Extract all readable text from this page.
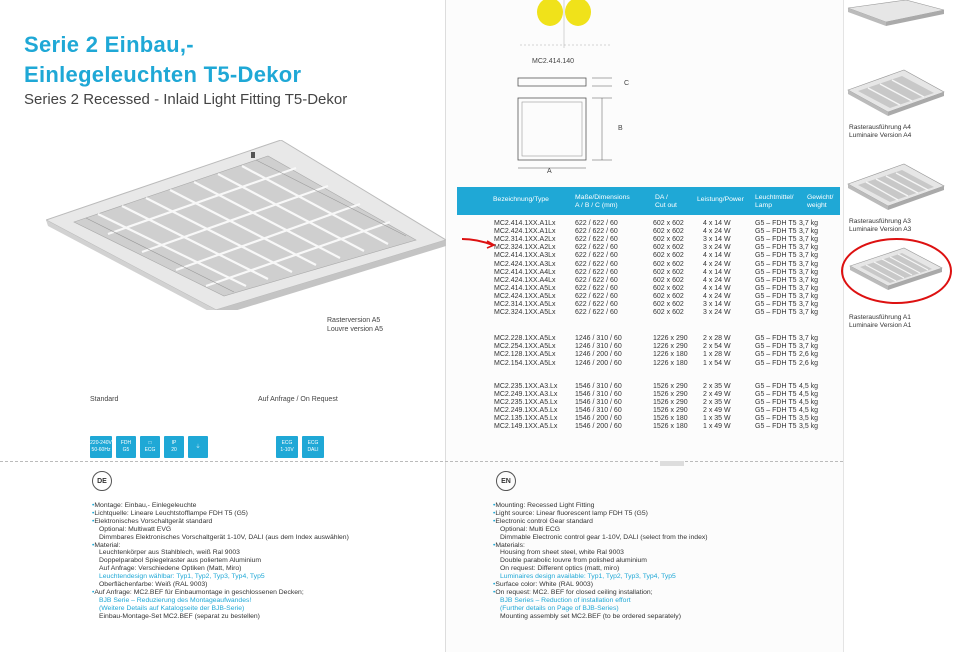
Serie 2 Einbau,-
Einlegeleuchten T5-Dekor
Series 2 Recessed - Inlaid Light Fitting T5-Dekor
Rasterversion A5
Louvre version A5
Standard	Auf Anfrage / On Request
220-240V
50-60Hz
FDH
G5
□
ECG
IP
20
⏚
ECG
1-10V
ECG
DALI
MC2.414.140
C
B
A
Bezeichnung/Type	Maße/Dimensions
A / B / C (mm)
DA /
Cut out
Leistung/Power Leuchtmittel/
Lamp
Gewicht/
weight
MC2.414.1XX.A1Lx	622 / 622 / 60	602 x 602	4 x 14 W	G5 – FDH T5 3,7 kg
MC2.424.1XX.A1Lx	622 / 622 / 60	602 x 602	4 x 24 W	G5 – FDH T5 3,7 kg
MC2.314.1XX.A2Lx	622 / 622 / 60	602 x 602	3 x 14 W	G5 – FDH T5 3,7 kg
MC2.324.1XX.A2Lx	622 / 622 / 60	602 x 602	3 x 24 W	G5 – FDH T5 3,7 kg
MC2.414.1XX.A3Lx	622 / 622 / 60	602 x 602	4 x 14 W	G5 – FDH T5 3,7 kg
MC2.424.1XX.A3Lx	622 / 622 / 60	602 x 602	4 x 24 W	G5 – FDH T5 3,7 kg
MC2.414.1XX.A4Lx	622 / 622 / 60	602 x 602	4 x 14 W	G5 – FDH T5 3,7 kg
MC2.424.1XX.A4Lx	622 / 622 / 60	602 x 602	4 x 24 W	G5 – FDH T5 3,7 kg
MC2.414.1XX.A5Lx	622 / 622 / 60	602 x 602	4 x 14 W	G5 – FDH T5 3,7 kg
MC2.424.1XX.A5Lx	622 / 622 / 60	602 x 602	4 x 24 W	G5 – FDH T5 3,7 kg
MC2.314.1XX.A5Lx	622 / 622 / 60	602 x 602	3 x 14 W	G5 – FDH T5 3,7 kg
MC2.324.1XX.A5Lx	622 / 622 / 60	602 x 602	3 x 24 W	G5 – FDH T5 3,7 kg
MC2.228.1XX.A5Lx	1246 / 310 / 60	1226 x 290 2 x 28 W	G5 – FDH T5 3,7 kg
MC2.254.1XX.A5Lx	1246 / 310 / 60	1226 x 290 2 x 54 W	G5 – FDH T5 3,7 kg
MC2.128.1XX.A5Lx	1246 / 200 / 60	1226 x 180 1 x 28 W	G5 – FDH T5 2,6 kg
MC2.154.1XX.A5Lx	1246 / 200 / 60	1226 x 180 1 x 54 W	G5 – FDH T5 2,6 kg
MC2.235.1XX.A3.Lx	1546 / 310 / 60	1526 x 290 2 x 35 W	G5 – FDH T5 4,5 kg
MC2.249.1XX.A3.Lx	1546 / 310 / 60	1526 x 290 2 x 49 W	G5 – FDH T5 4,5 kg
MC2.235.1XX.A5.Lx	1546 / 310 / 60	1526 x 290 2 x 35 W	G5 – FDH T5 4,5 kg
MC2.249.1XX.A5.Lx	1546 / 310 / 60	1526 x 290 2 x 49 W	G5 – FDH T5 4,5 kg
MC2.135.1XX.A5.Lx	1546 / 200 / 60	1526 x 180 1 x 35 W	G5 – FDH T5 3,5 kg
MC2.149.1XX.A5.Lx	1546 / 200 / 60	1526 x 180 1 x 49 W	G5 – FDH T5 3,5 kg
Rasterausführung A4
Luminaire Version A4
Rasterausführung A3
Luminaire Version A3
Rasterausführung A1
Luminaire Version A1
DE
• Montage: Einbau,- Einlegeleuchte
• Lichtquelle: Lineare Leuchtstofflampe FDH T5 (G5)
• Elektronisches Vorschaltgerät standard
Optional: Multiwatt EVG
Dimmbares Elektronisches Vorschaltgerät 1-10V, DALI (aus dem Index auswählen)
• Material:
Leuchtenkörper aus Stahlblech, weiß Ral 9003
Doppelparabol Spiegelraster aus poliertem Aluminium
Auf Anfrage: Verschiedene Optiken (Matt, Miro)
Leuchtendesign wählbar: Typ1, Typ2, Typ3, Typ4, Typ5
Oberflächenfarbe: Weiß (RAL 9003)
• Auf Anfrage: MC2.BEF für Einbaumontage in geschlossenen Decken;
BJB Serie – Reduzierung des Montageaufwandes!
(Weitere Details auf Katalogseite der BJB-Serie)
Einbau-Montage-Set MC2.BEF (separat zu bestellen)
EN
• Mounting: Recessed Light Fitting
• Light source: Linear fluorescent lamp FDH T5 (G5)
• Electronic control Gear standard
Optional: Multi ECG
Dimmable Electronic control gear 1-10V, DALI (select from the index)
• Materials:
Housing from sheet steel, white Ral 9003
Double parabolic louvre from polished aluminium
On request: Different optics (matt, miro)
Luminaires design available: Typ1, Typ2, Typ3, Typ4, Typ5
• Surface color: White (RAL 9003)
• On request: MC2. BEF for closed ceiling installation;
BJB Series – Reduction of installation effort
(Further details on Page of BJB-Series)
Mounting assembly set MC2.BEF (to be ordered separately)
